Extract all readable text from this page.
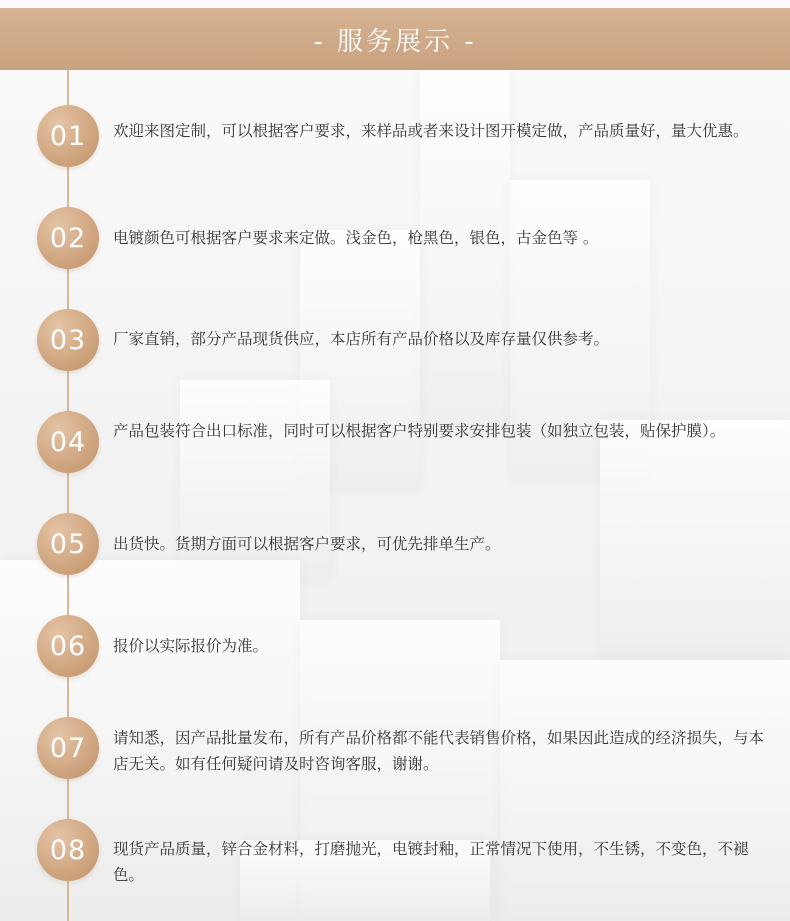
- 服务展示 -
01	欢迎来图定制，可以根据客户要求，来样品或者来设计图开模定做，产品质量好，量大优惠。
02	电镀颜色可根据客户要求来定做。浅金色，枪黑色，银色，古金色等 。
03	厂家直销，部分产品现货供应，本店所有产品价格以及库存量仅供参考。
04	产品包装符合出口标准，同时可以根据客户特别要求安排包装（如独立包装，贴保护膜）。
05	出货快。货期方面可以根据客户要求，可优先排单生产。
06	报价以实际报价为准。
07	请知悉，因产品批量发布，所有产品价格都不能代表销售价格，如果因此造成的经济损失，与本店无关。如有任何疑问请及时咨询客服，谢谢。
08	现货产品质量，锌合金材料，打磨抛光，电镀封釉，正常情况下使用，不生锈，不变色，不褪色。
